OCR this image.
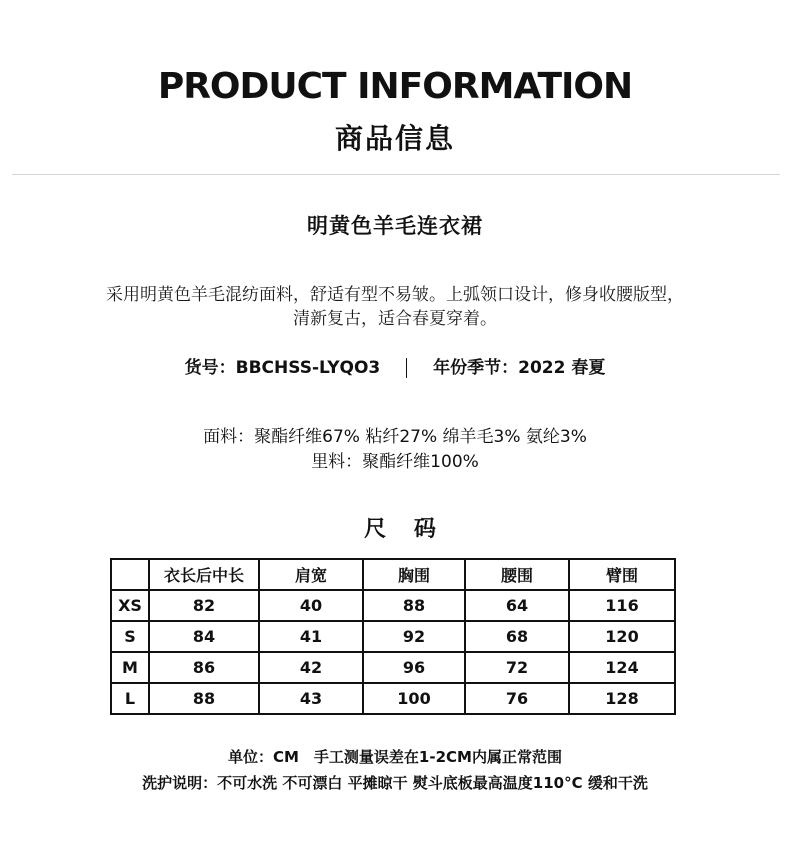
PRODUCT INFORMATION
商品信息
明黄色羊毛连衣裙
采用明黄色羊毛混纺面料，舒适有型不易皱。上弧领口设计，修身收腰版型，
清新复古，适合春夏穿着。
货号：BBCHSS-LYQO3	年份季节：2022 春夏
面料：聚酯纤维67% 粘纤27% 绵羊毛3% 氨纶3%
里料：聚酯纤维100%
尺 码
	衣长后中长	肩宽	胸围	腰围	臂围
XS	82	40	88	64	116
S	84	41	92	68	120
M	86	42	96	72	124
L	88	43	100	76	128
单位：CM　手工测量误差在1-2CM内属正常范围
洗护说明：不可水洗 不可漂白 平摊晾干 熨斗底板最高温度110°C 缓和干洗
